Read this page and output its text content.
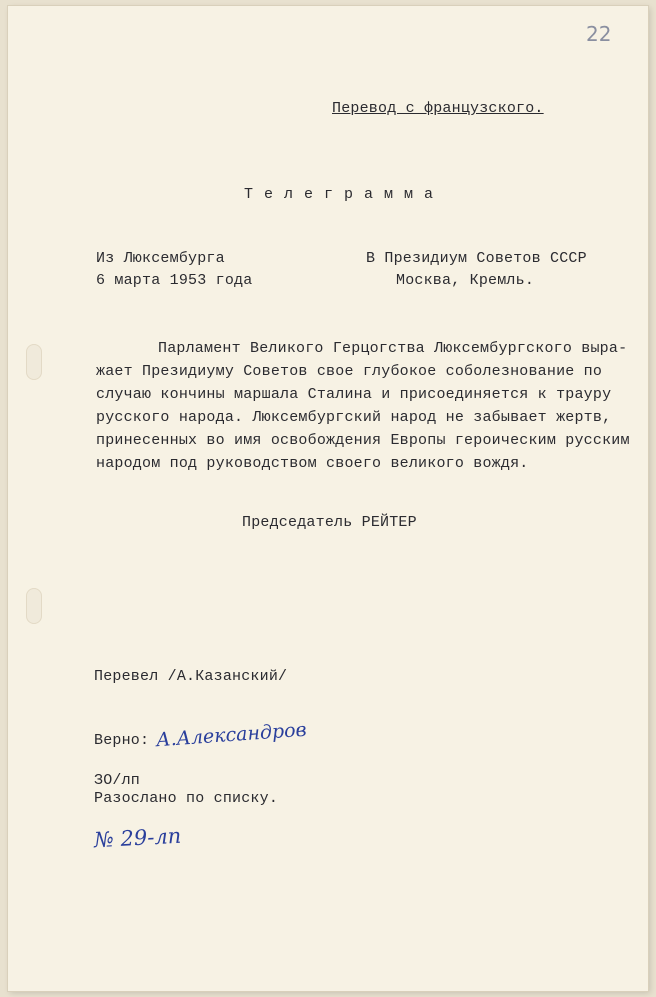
22
Перевод с французского.
Т е л е г р а м м а
Из Люксембурга
6 марта 1953 года
В Президиум Советов СССР
Москва, Кремль.
Парламент Великого Герцогства Люксембургского выра-
жает Президиуму Советов свое глубокое соболезнование по
случаю кончины маршала Сталина и присоединяется к трауру
русского народа. Люксембургский народ не забывает жертв,
принесенных во имя освобождения Европы героическим русским
народом под руководством своего великого вождя.
Председатель РЕЙТЕР
Перевел /А.Казанский/
Верно: А.Александров
ЗО/лп
Разослано по списку.
№ 29-лп
